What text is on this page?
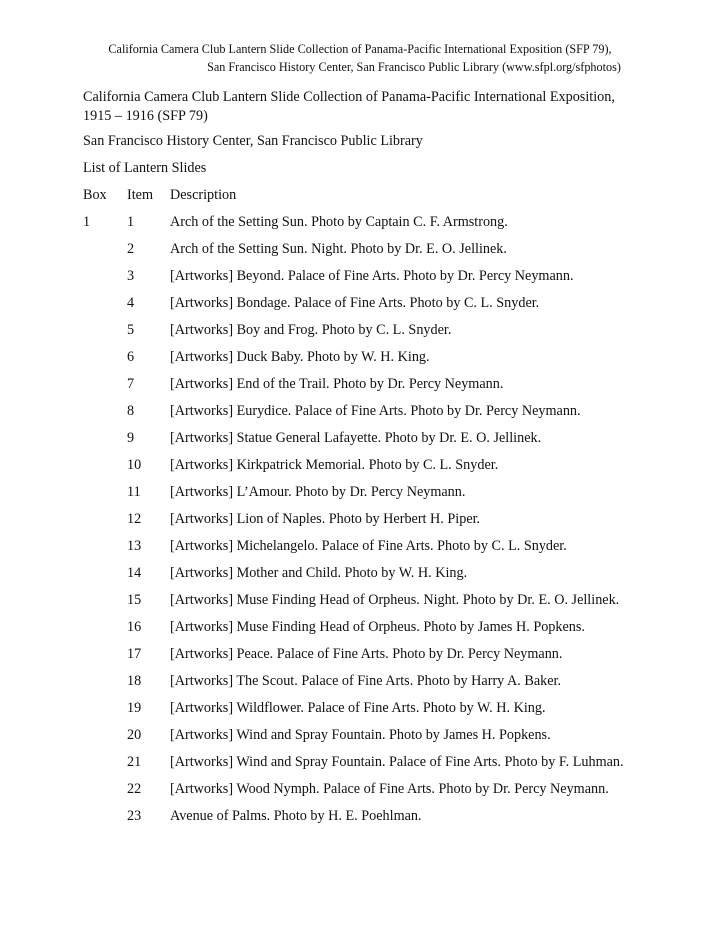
California Camera Club Lantern Slide Collection of Panama-Pacific International Exposition (SFP 79),
San Francisco History Center, San Francisco Public Library (www.sfpl.org/sfphotos)
California Camera Club Lantern Slide Collection of Panama-Pacific International Exposition,
1915 – 1916 (SFP 79)
San Francisco History Center, San Francisco Public Library
List of Lantern Slides
Box Item Description
1	1	Arch of the Setting Sun. Photo by Captain C. F. Armstrong.
2	Arch of the Setting Sun. Night. Photo by Dr. E. O. Jellinek.
3	[Artworks] Beyond. Palace of Fine Arts. Photo by Dr. Percy Neymann.
4	[Artworks] Bondage. Palace of Fine Arts. Photo by C. L. Snyder.
5	[Artworks] Boy and Frog. Photo by C. L. Snyder.
6	[Artworks] Duck Baby. Photo by W. H. King.
7	[Artworks] End of the Trail. Photo by Dr. Percy Neymann.
8	[Artworks] Eurydice. Palace of Fine Arts. Photo by Dr. Percy Neymann.
9	[Artworks] Statue General Lafayette. Photo by Dr. E. O. Jellinek.
10 [Artworks] Kirkpatrick Memorial. Photo by C. L. Snyder.
11 [Artworks] L’Amour. Photo by Dr. Percy Neymann.
12 [Artworks] Lion of Naples. Photo by Herbert H. Piper.
13 [Artworks] Michelangelo. Palace of Fine Arts. Photo by C. L. Snyder.
14 [Artworks] Mother and Child. Photo by W. H. King.
15 [Artworks] Muse Finding Head of Orpheus. Night. Photo by Dr. E. O. Jellinek.
16 [Artworks] Muse Finding Head of Orpheus. Photo by James H. Popkens.
17 [Artworks] Peace. Palace of Fine Arts. Photo by Dr. Percy Neymann.
18 [Artworks] The Scout. Palace of Fine Arts. Photo by Harry A. Baker.
19 [Artworks] Wildflower. Palace of Fine Arts. Photo by W. H. King.
20 [Artworks] Wind and Spray Fountain. Photo by James H. Popkens.
21 [Artworks] Wind and Spray Fountain. Palace of Fine Arts. Photo by F. Luhman.
22 [Artworks] Wood Nymph. Palace of Fine Arts. Photo by Dr. Percy Neymann.
23 Avenue of Palms. Photo by H. E. Poehlman.
